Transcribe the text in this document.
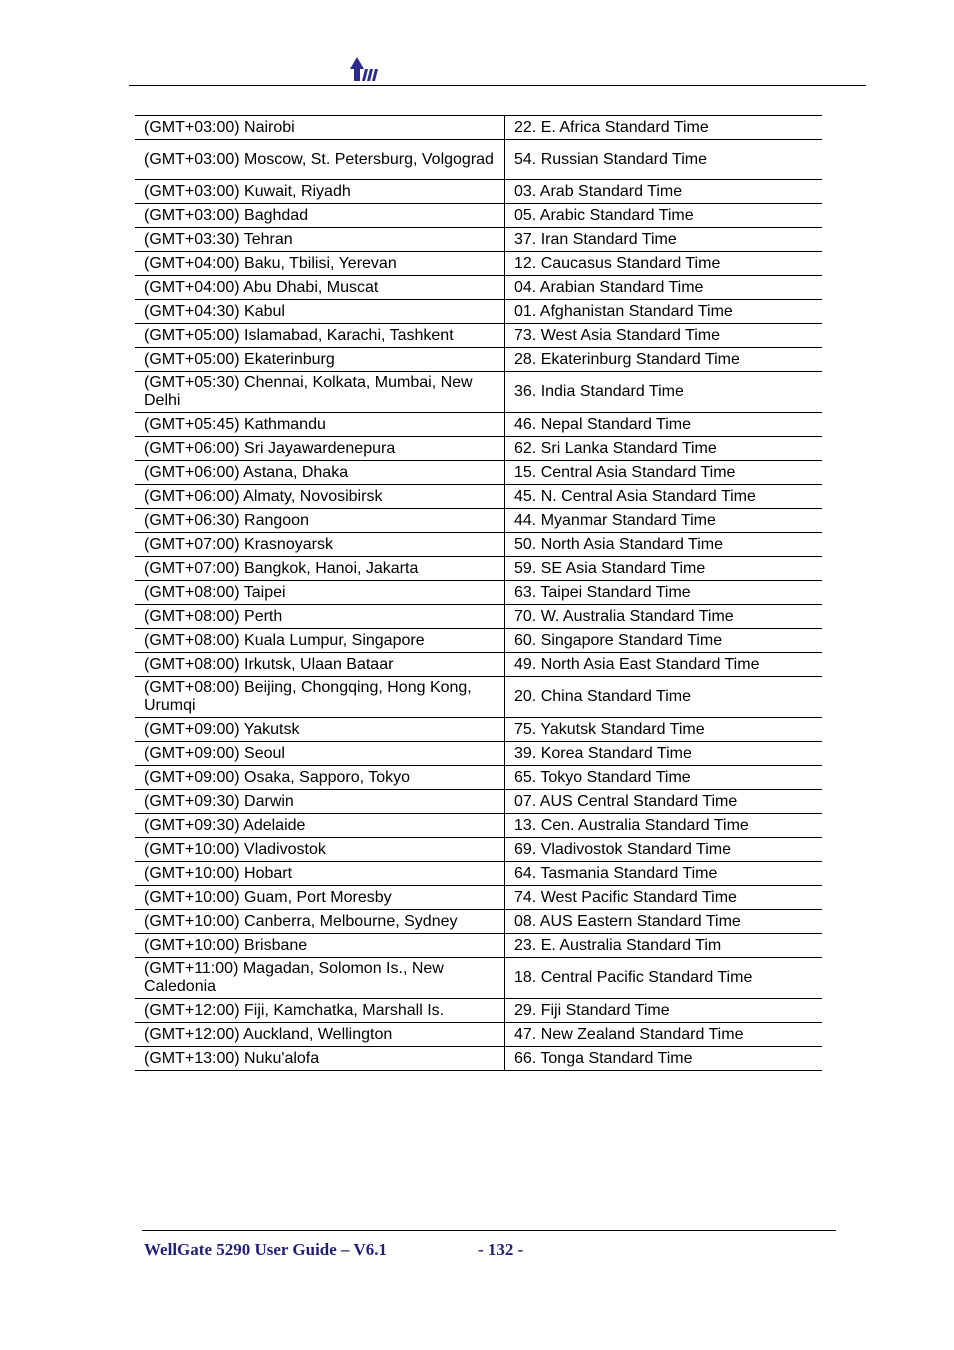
(GMT+03:00) Nairobi	22. E. Africa Standard Time
(GMT+03:00) Moscow, St. Petersburg, Volgograd	54. Russian Standard Time
(GMT+03:00) Kuwait, Riyadh	03. Arab Standard Time
(GMT+03:00) Baghdad	05. Arabic Standard Time
(GMT+03:30) Tehran	37. Iran Standard Time
(GMT+04:00) Baku, Tbilisi, Yerevan	12. Caucasus Standard Time
(GMT+04:00) Abu Dhabi, Muscat	04. Arabian Standard Time
(GMT+04:30) Kabul	01. Afghanistan Standard Time
(GMT+05:00) Islamabad, Karachi, Tashkent	73. West Asia Standard Time
(GMT+05:00) Ekaterinburg	28. Ekaterinburg Standard Time
(GMT+05:30) Chennai, Kolkata, Mumbai, New Delhi	36. India Standard Time
(GMT+05:45) Kathmandu	46. Nepal Standard Time
(GMT+06:00) Sri Jayawardenepura	62. Sri Lanka Standard Time
(GMT+06:00) Astana, Dhaka	15. Central Asia Standard Time
(GMT+06:00) Almaty, Novosibirsk	45. N. Central Asia Standard Time
(GMT+06:30) Rangoon	44. Myanmar Standard Time
(GMT+07:00) Krasnoyarsk	50. North Asia Standard Time
(GMT+07:00) Bangkok, Hanoi, Jakarta	59. SE Asia Standard Time
(GMT+08:00) Taipei	63. Taipei Standard Time
(GMT+08:00) Perth	70. W. Australia Standard Time
(GMT+08:00) Kuala Lumpur, Singapore	60. Singapore Standard Time
(GMT+08:00) Irkutsk, Ulaan Bataar	49. North Asia East Standard Time
(GMT+08:00) Beijing, Chongqing, Hong Kong, Urumqi	20. China Standard Time
(GMT+09:00) Yakutsk	75. Yakutsk Standard Time
(GMT+09:00) Seoul	39. Korea Standard Time
(GMT+09:00) Osaka, Sapporo, Tokyo	65. Tokyo Standard Time
(GMT+09:30) Darwin	07. AUS Central Standard Time
(GMT+09:30) Adelaide	13. Cen. Australia Standard Time
(GMT+10:00) Vladivostok	69. Vladivostok Standard Time
(GMT+10:00) Hobart	64. Tasmania Standard Time
(GMT+10:00) Guam, Port Moresby	74. West Pacific Standard Time
(GMT+10:00) Canberra, Melbourne, Sydney	08. AUS Eastern Standard Time
(GMT+10:00) Brisbane	23. E. Australia Standard Tim
(GMT+11:00) Magadan, Solomon Is., New Caledonia	18. Central Pacific Standard Time
(GMT+12:00) Fiji, Kamchatka, Marshall Is.	29. Fiji Standard Time
(GMT+12:00) Auckland, Wellington	47. New Zealand Standard Time
(GMT+13:00) Nuku'alofa	66. Tonga Standard Time
WellGate 5290 User Guide – V6.1	- 132 -
